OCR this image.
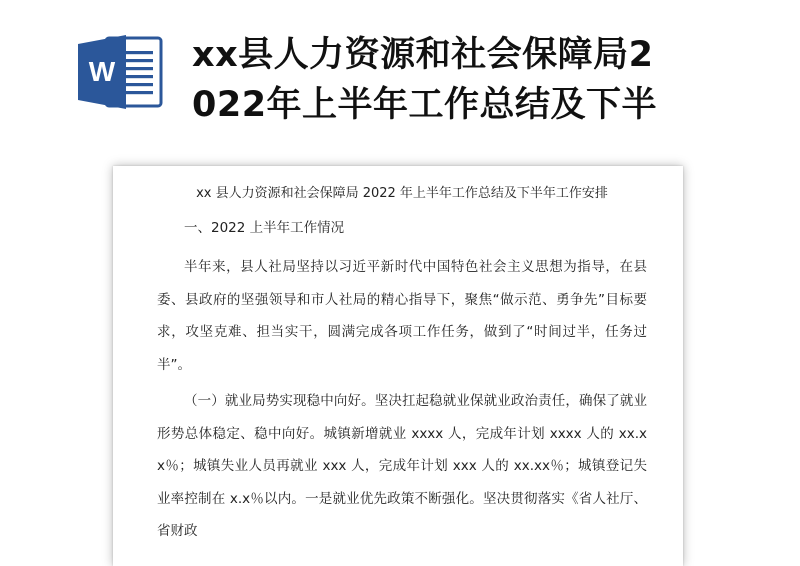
W xx县人力资源和社会保障局2022年上半年工作总结及下半
xx 县人力资源和社会保障局 2022 年上半年工作总结及下半年工作安排
一、2022 上半年工作情况
半年来，县人社局坚持以习近平新时代中国特色社会主义思想为指导，在县委、县政府的坚强领导和市人社局的精心指导下，聚焦“做示范、勇争先”目标要求，攻坚克难、担当实干，圆满完成各项工作任务，做到了“时间过半，任务过半”。
（一）就业局势实现稳中向好。坚决扛起稳就业保就业政治责任，确保了就业形势总体稳定、稳中向好。城镇新增就业 xxxx 人，完成年计划 xxxx 人的 xx.xx％；城镇失业人员再就业 xxx 人，完成年计划 xxx 人的 xx.xx％；城镇登记失业率控制在 x.x％以内。一是就业优先政策不断强化。坚决贯彻落实《省人社厅、省财政
